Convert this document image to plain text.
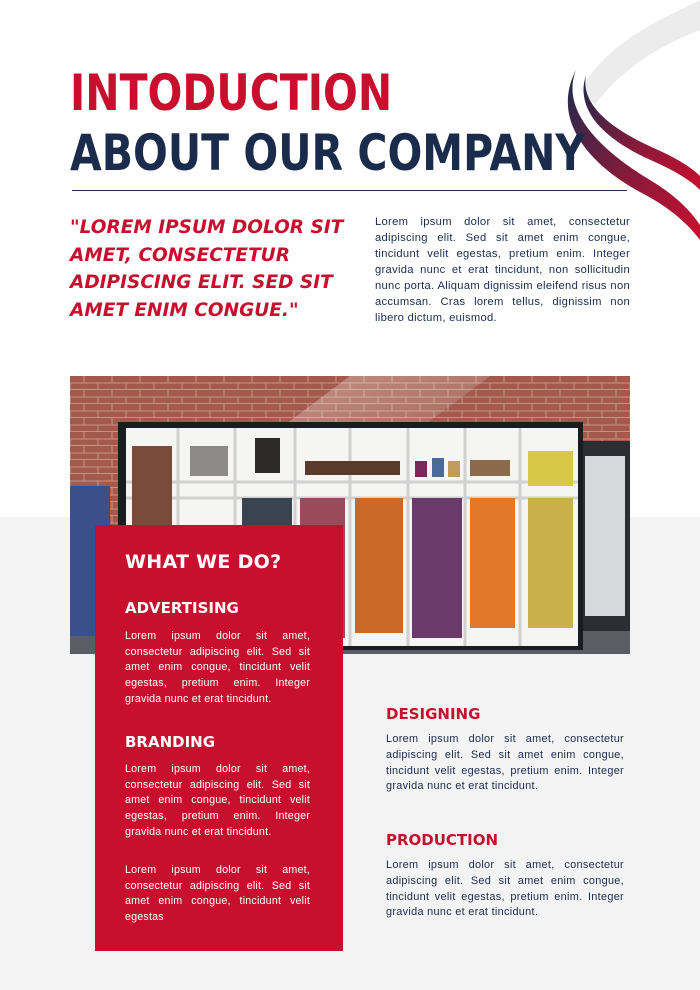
INTODUCTION
ABOUT OUR COMPANY

"LOREM IPSUM DOLOR SIT AMET, CONSECTETUR ADIPISCING ELIT. SED SIT AMET ENIM CONGUE."

Lorem ipsum dolor sit amet, consectetur adipiscing elit. Sed sit amet enim congue, tincidunt velit egestas, pretium enim. Integer gravida nunc et erat tincidunt, non sollicitudin nunc porta. Aliquam dignissim eleifend risus non accumsan. Cras lorem tellus, dignissim non libero dictum, euismod.

WHAT WE DO?
ADVERTISING

Lorem ipsum dolor sit amet, consectetur adipiscing elit. Sed sit amet enim congue, tincidunt velit egestas, pretium enim. Integer gravida nunc et erat tincidunt.

BRANDING

Lorem ipsum dolor sit amet, consectetur adipiscing elit. Sed sit amet enim congue, tincidunt velit egestas, pretium enim. Integer gravida nunc et erat tincidunt.

Lorem ipsum dolor sit amet, consectetur adipiscing elit. Sed sit amet enim congue, tincidunt velit egestas

DESIGNING

Lorem ipsum dolor sit amet, consectetur adipiscing elit. Sed sit amet enim congue, tincidunt velit egestas, pretium enim. Integer gravida nunc et erat tincidunt.

PRODUCTION

Lorem ipsum dolor sit amet, consectetur adipiscing elit. Sed sit amet enim congue, tincidunt velit egestas, pretium enim. Integer gravida nunc et erat tincidunt.
